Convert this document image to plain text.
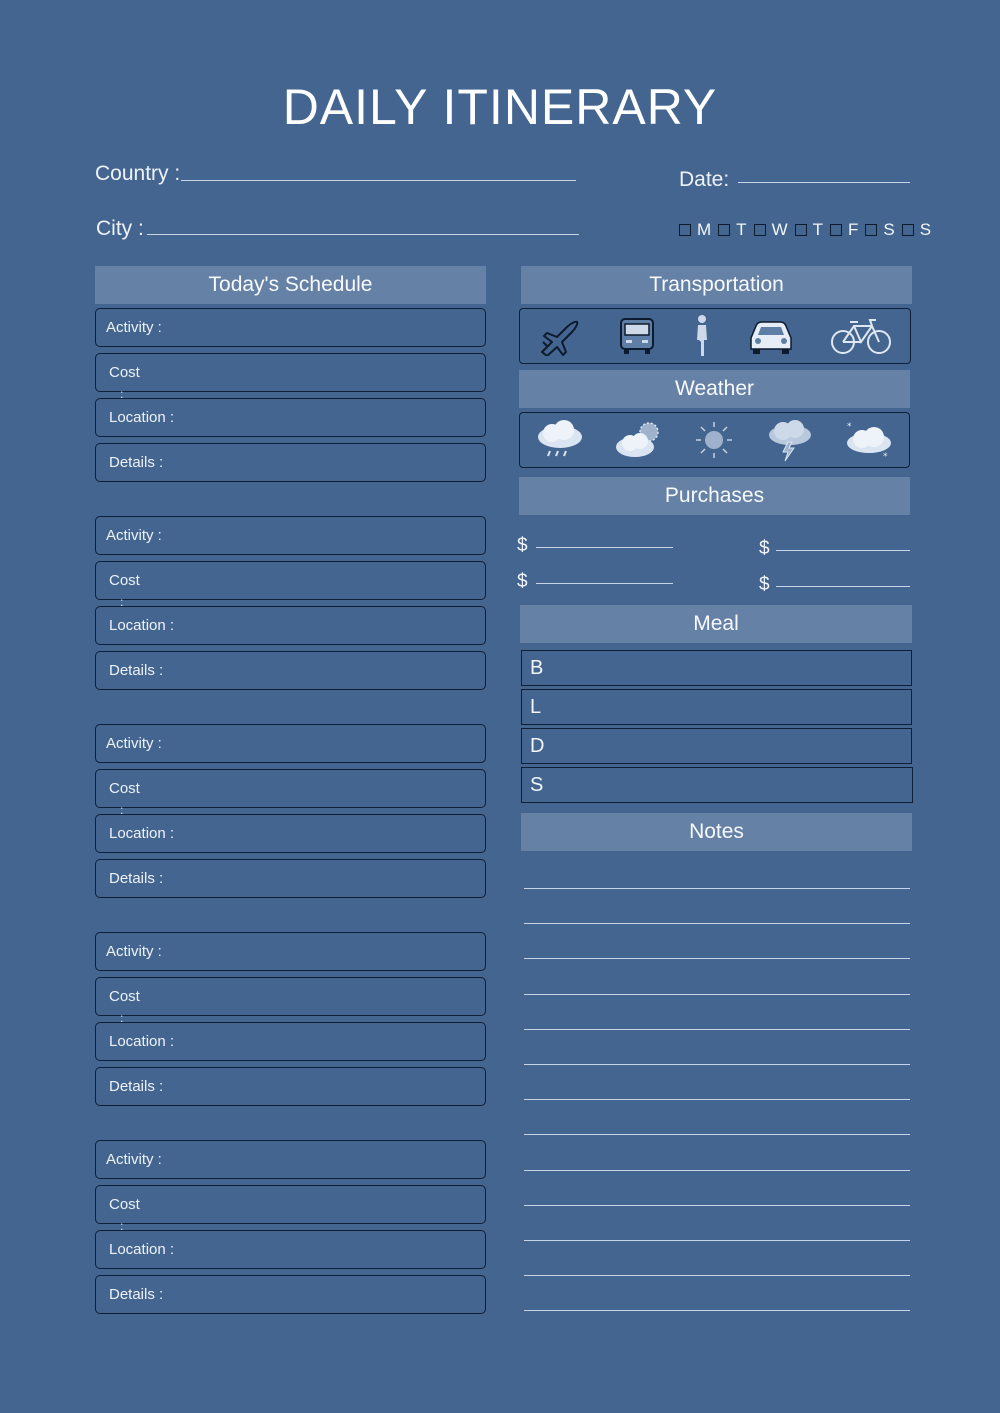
DAILY ITINERARY
Country :
City :
Date:
M T W T F S S
Today's Schedule
Activity :
Cost
:
Location :
Details :
Activity :
Cost
:
Location :
Details :
Activity :
Cost
:
Location :
Details :
Activity :
Cost
:
Location :
Details :
Activity :
Cost
:
Location :
Details :
Transportation
Weather
*
*
Purchases
$	$
$	$
Meal
B
L
D
S
Notes
